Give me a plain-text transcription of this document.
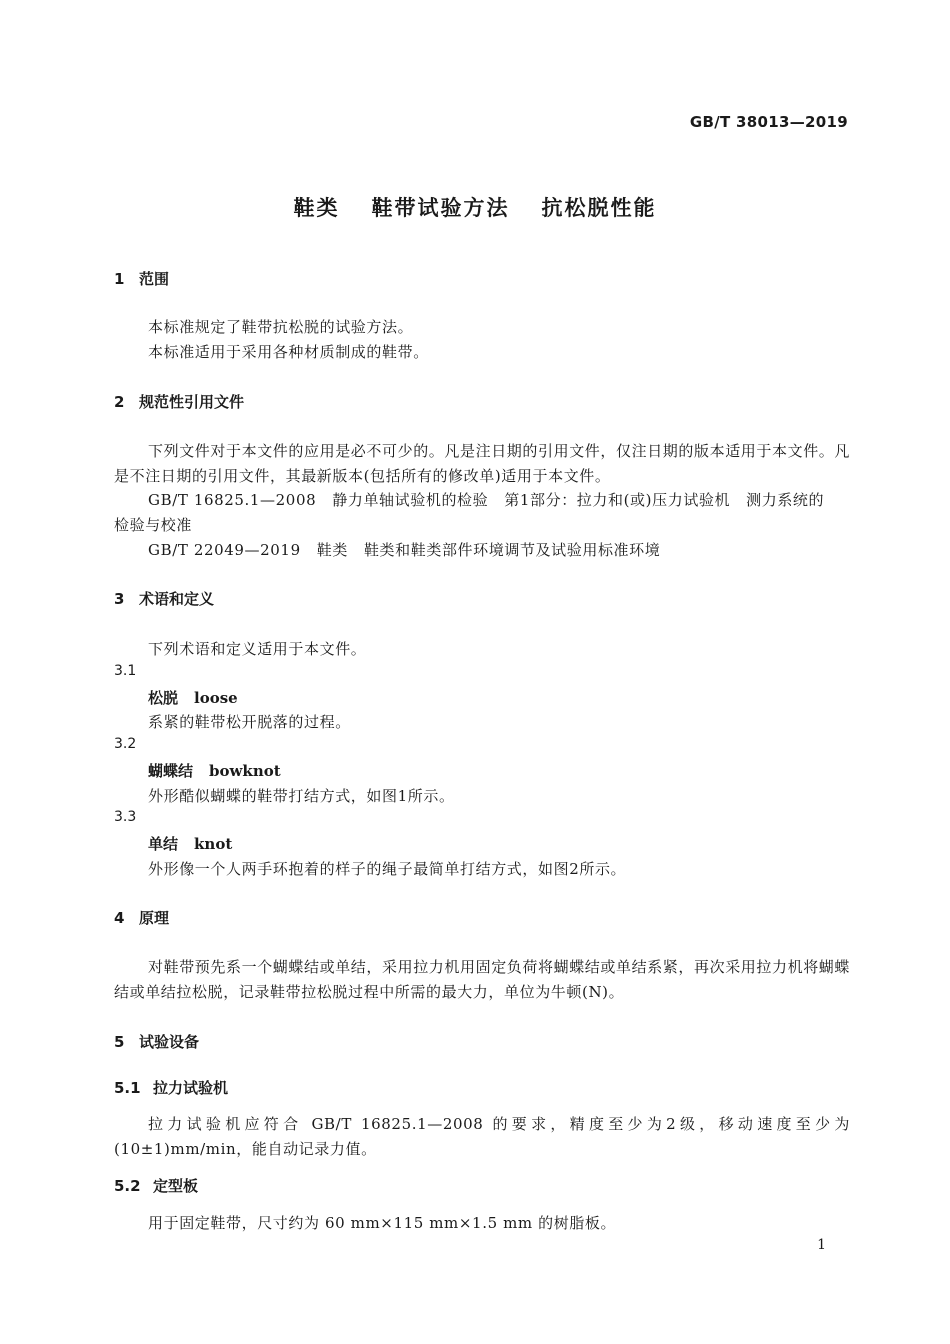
GB/T 38013—2019
鞋类 鞋带试验方法 抗松脱性能
1 范围
本标准规定了鞋带抗松脱的试验方法。
本标准适用于采用各种材质制成的鞋带。
2 规范性引用文件
下列文件对于本文件的应用是必不可少的。凡是注日期的引用文件，仅注日期的版本适用于本文件。凡是不注日期的引用文件，其最新版本(包括所有的修改单)适用于本文件。
GB/T 16825.1—2008 静力单轴试验机的检验 第1部分：拉力和(或)压力试验机 测力系统的
检验与校准
GB/T 22049—2019 鞋类 鞋类和鞋类部件环境调节及试验用标准环境
3 术语和定义
下列术语和定义适用于本文件。
3.1
松脱 loose
系紧的鞋带松开脱落的过程。
3.2
蝴蝶结 bowknot
外形酷似蝴蝶的鞋带打结方式，如图1所示。
3.3
单结 knot
外形像一个人两手环抱着的样子的绳子最简单打结方式，如图2所示。
4 原理
对鞋带预先系一个蝴蝶结或单结，采用拉力机用固定负荷将蝴蝶结或单结系紧，再次采用拉力机将蝴蝶结或单结拉松脱，记录鞋带拉松脱过程中所需的最大力，单位为牛顿(N)。
5 试验设备
5.1 拉力试验机
拉力试验机应符合 GB/T 16825.1—2008 的要求，精度至少为2级，移动速度至少为(10±1)mm/min，能自动记录力值。
5.2 定型板
用于固定鞋带，尺寸约为 60 mm×115 mm×1.5 mm 的树脂板。
1
